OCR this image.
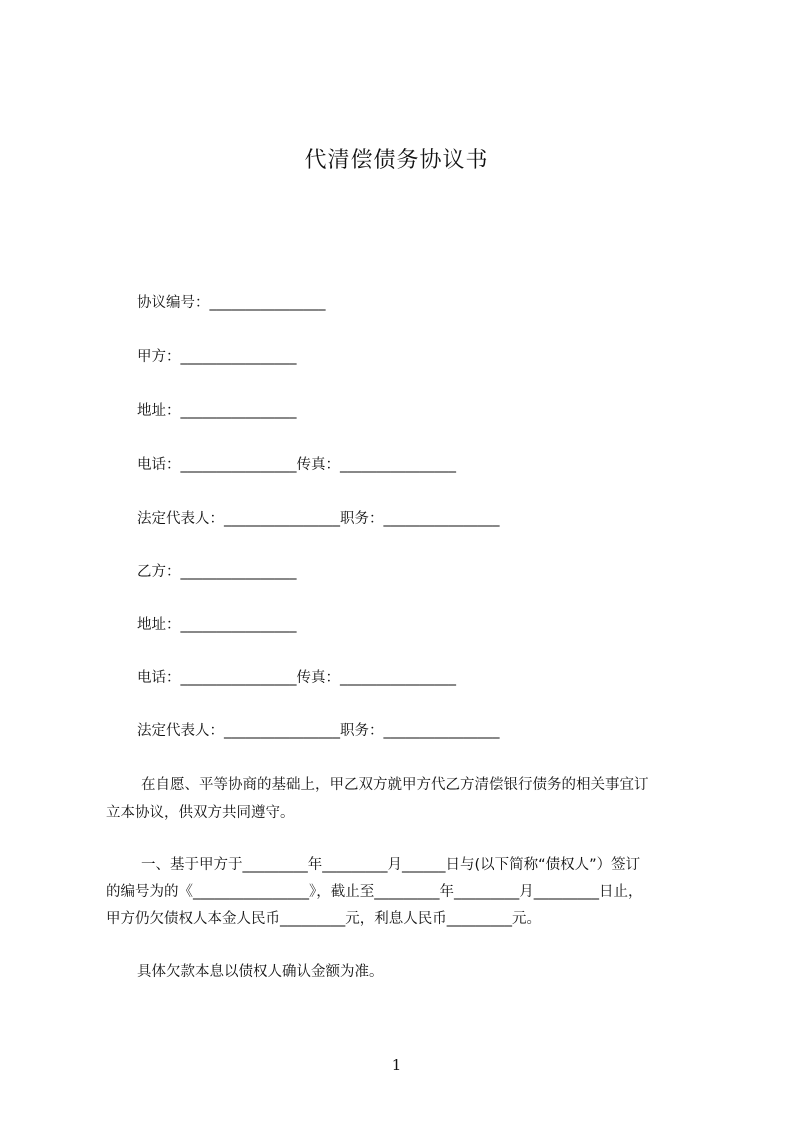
代清偿债务协议书
协议编号：________________
甲方：________________
地址：________________
电话：________________传真：________________
法定代表人：________________职务：________________
乙方：________________
地址：________________
电话：________________传真：________________
法定代表人：________________职务：________________
在自愿、平等协商的基础上，甲乙双方就甲方代乙方清偿银行债务的相关事宜订
立本协议，供双方共同遵守。
一、基于甲方于_________年_________月______日与(以下简称“债权人”）签订
的编号为的《________________》，截止至_________年_________月_________日止，
甲方仍欠债权人本金人民币_________元，利息人民币_________元。
具体欠款本息以债权人确认金额为准。
1
